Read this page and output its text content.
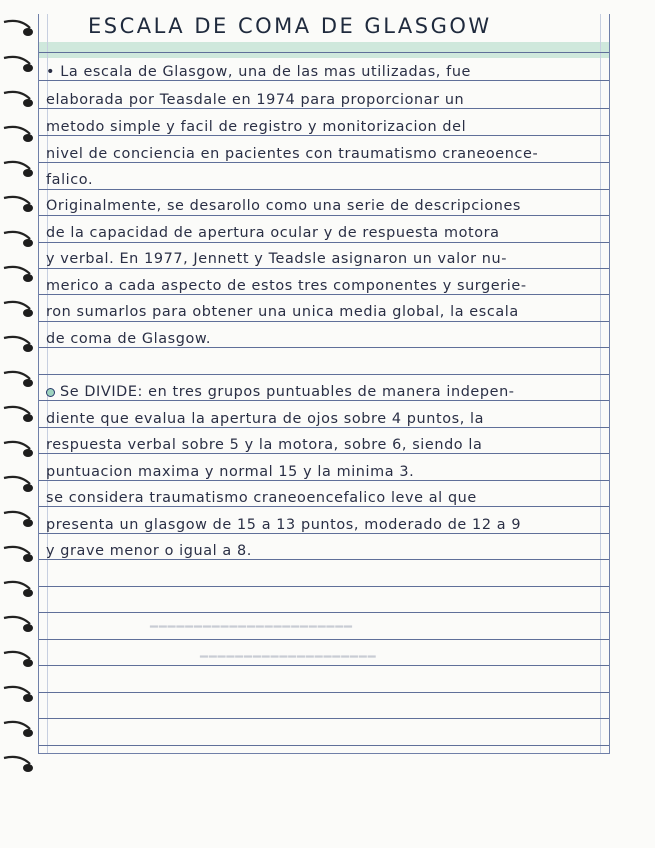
━━━━━━━━━━━━━━━━━━━━━━━
━━━━━━━━━━━━━━━━━━━━
ESCALA DE COMA DE GLASGOW
• La escala de Glasgow, una de las mas utilizadas, fue
elaborada por Teasdale en 1974 para proporcionar un
metodo simple y facil de registro y monitorizacion del
nivel de conciencia en pacientes con traumatismo craneoence-
falico.
Originalmente, se desarollo como una serie de descripciones
de la capacidad de apertura ocular y de respuesta motora
y verbal. En 1977, Jennett y Teadsle asignaron un valor nu-
merico a cada aspecto de estos tres componentes y surgerie-
ron sumarlos para obtener una unica media global, la escala
de coma de Glasgow.
Se DIVIDE: en tres grupos puntuables de manera indepen-
diente que evalua la apertura de ojos sobre 4 puntos, la
respuesta verbal sobre 5 y la motora, sobre 6, siendo la
puntuacion maxima y normal 15 y la minima 3.
se considera traumatismo craneoencefalico leve al que
presenta un glasgow de 15 a 13 puntos, moderado de 12 a 9
y grave menor o igual a 8.
